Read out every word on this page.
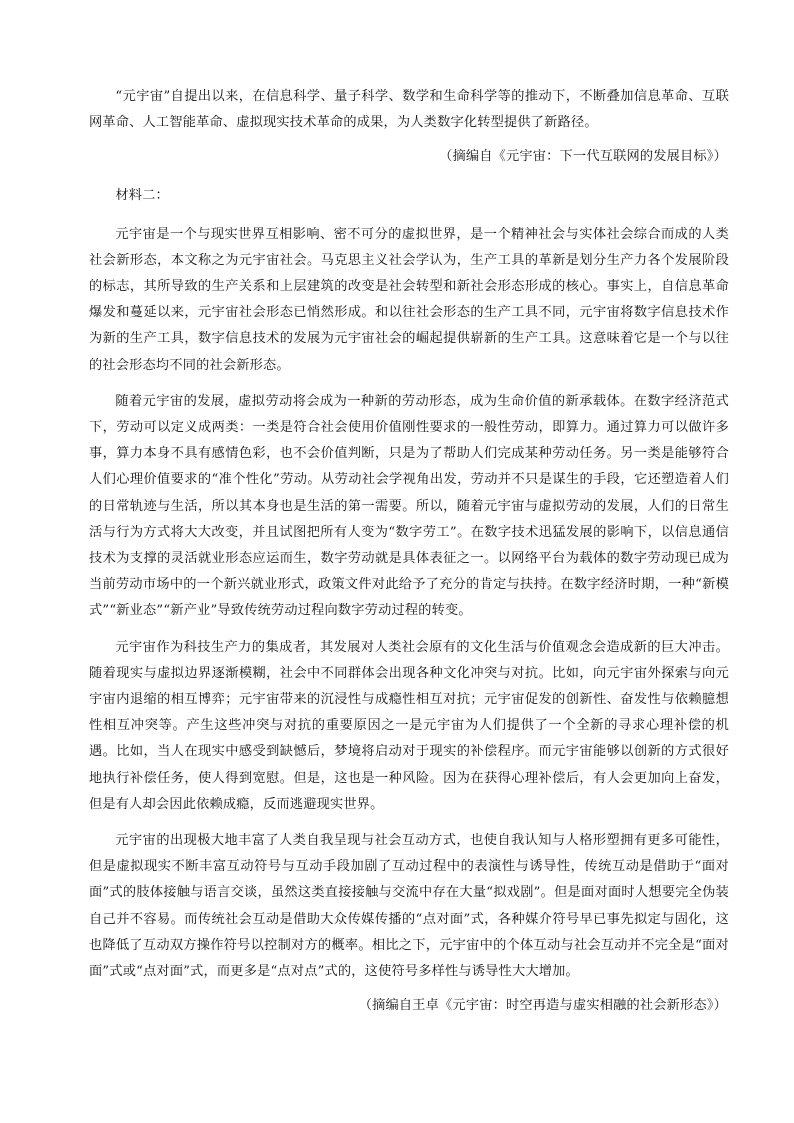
“元宇宙”自提出以来，在信息科学、量子科学、数学和生命科学等的推动下，不断叠加信息革命、互联网革命、人工智能革命、虚拟现实技术革命的成果，为人类数字化转型提供了新路径。

（摘编自《元宇宙：下一代互联网的发展目标》）

材料二：

元宇宙是一个与现实世界互相影响、密不可分的虚拟世界，是一个精神社会与实体社会综合而成的人类社会新形态，本文称之为元宇宙社会。马克思主义社会学认为，生产工具的革新是划分生产力各个发展阶段的标志，其所导致的生产关系和上层建筑的改变是社会转型和新社会形态形成的核心。事实上，自信息革命爆发和蔓延以来，元宇宙社会形态已悄然形成。和以往社会形态的生产工具不同，元宇宙将数字信息技术作为新的生产工具，数字信息技术的发展为元宇宙社会的崛起提供崭新的生产工具。这意味着它是一个与以往的社会形态均不同的社会新形态。

随着元宇宙的发展，虚拟劳动将会成为一种新的劳动形态，成为生命价值的新承载体。在数字经济范式下，劳动可以定义成两类：一类是符合社会使用价值刚性要求的一般性劳动，即算力。通过算力可以做许多事，算力本身不具有感情色彩，也不会价值判断，只是为了帮助人们完成某种劳动任务。另一类是能够符合人们心理价值要求的“准个性化”劳动。从劳动社会学视角出发，劳动并不只是谋生的手段，它还塑造着人们的日常轨迹与生活，所以其本身也是生活的第一需要。所以，随着元宇宙与虚拟劳动的发展，人们的日常生活与行为方式将大大改变，并且试图把所有人变为“数字劳工”。在数字技术迅猛发展的影响下，以信息通信技术为支撑的灵活就业形态应运而生，数字劳动就是具体表征之一。以网络平台为载体的数字劳动现已成为当前劳动市场中的一个新兴就业形式，政策文件对此给予了充分的肯定与扶持。在数字经济时期，一种“新模式”“新业态”“新产业”导致传统劳动过程向数字劳动过程的转变。

元宇宙作为科技生产力的集成者，其发展对人类社会原有的文化生活与价值观念会造成新的巨大冲击。随着现实与虚拟边界逐渐模糊，社会中不同群体会出现各种文化冲突与对抗。比如，向元宇宙外探索与向元宇宙内退缩的相互博弈；元宇宙带来的沉浸性与成瘾性相互对抗；元宇宙促发的创新性、奋发性与依赖臆想性相互冲突等。产生这些冲突与对抗的重要原因之一是元宇宙为人们提供了一个全新的寻求心理补偿的机遇。比如，当人在现实中感受到缺憾后，梦境将启动对于现实的补偿程序。而元宇宙能够以创新的方式很好地执行补偿任务，使人得到宽慰。但是，这也是一种风险。因为在获得心理补偿后，有人会更加向上奋发，但是有人却会因此依赖成瘾，反而逃避现实世界。

元宇宙的出现极大地丰富了人类自我呈现与社会互动方式，也使自我认知与人格形塑拥有更多可能性，但是虚拟现实不断丰富互动符号与互动手段加剧了互动过程中的表演性与诱导性，传统互动是借助于“面对面”式的肢体接触与语言交谈，虽然这类直接接触与交流中存在大量“拟戏剧”。但是面对面时人想要完全伪装自己并不容易。而传统社会互动是借助大众传媒传播的“点对面”式，各种媒介符号早已事先拟定与固化，这也降低了互动双方操作符号以控制对方的概率。相比之下，元宇宙中的个体互动与社会互动并不完全是“面对面”式或“点对面”式，而更多是“点对点”式的，这使符号多样性与诱导性大大增加。

（摘编自王卓《元宇宙：时空再造与虚实相融的社会新形态》）
